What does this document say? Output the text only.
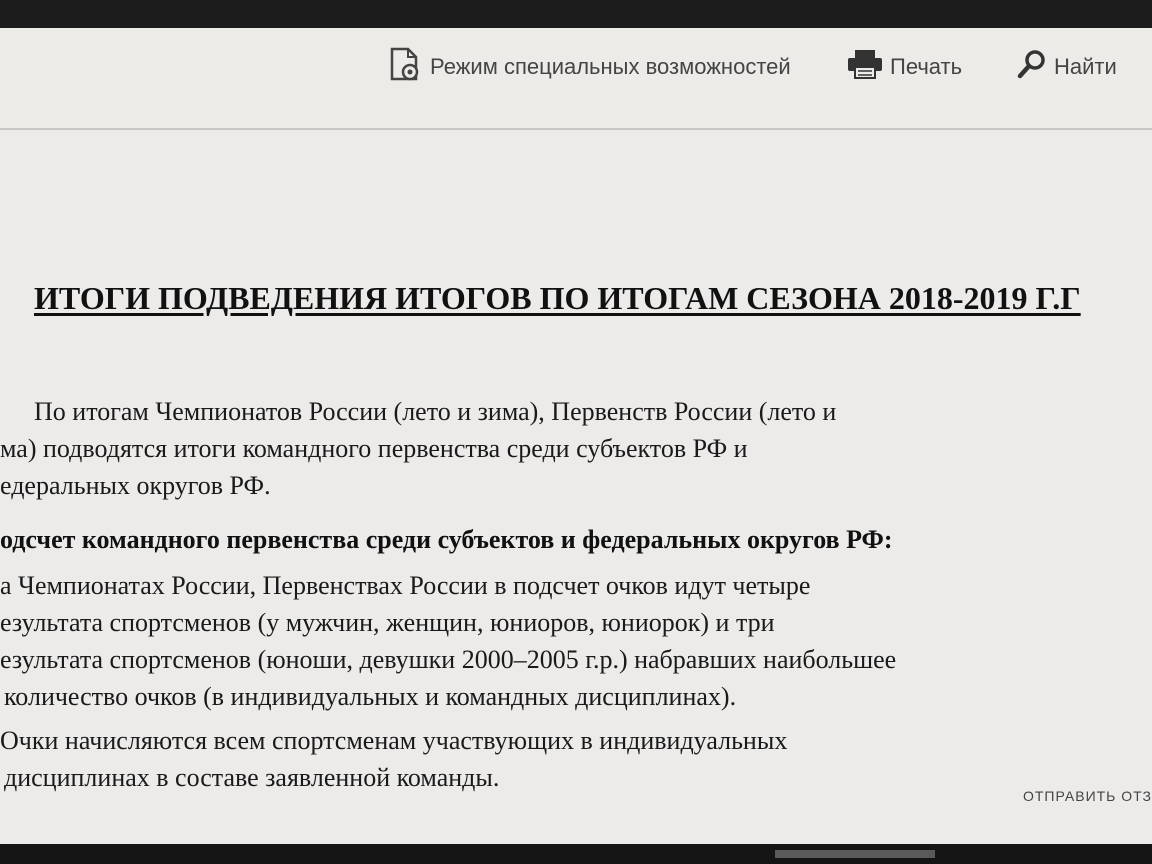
Режим специальных возможностей	Печать	Найти
ИТОГИ ПОДВЕДЕНИЯ ИТОГОВ ПО ИТОГАМ СЕЗОНА 2018-2019 Г.Г
По итогам Чемпионатов России (лето и зима), Первенств России (лето и
ма) подводятся итоги командного первенства среди субъектов РФ и
едеральных округов РФ.
одсчет командного первенства среди субъектов и федеральных округов РФ:
а Чемпионатах России, Первенствах России в подсчет очков идут четыре
езультата спортсменов (у мужчин, женщин, юниоров, юниорок) и три
езультата спортсменов (юноши, девушки 2000–2005 г.р.) набравших наибольшее
количество очков (в индивидуальных и командных дисциплинах).
Очки начисляются всем спортсменам участвующих в индивидуальных
дисциплинах в составе заявленной команды.
ОТПРАВИТЬ ОТЗ
